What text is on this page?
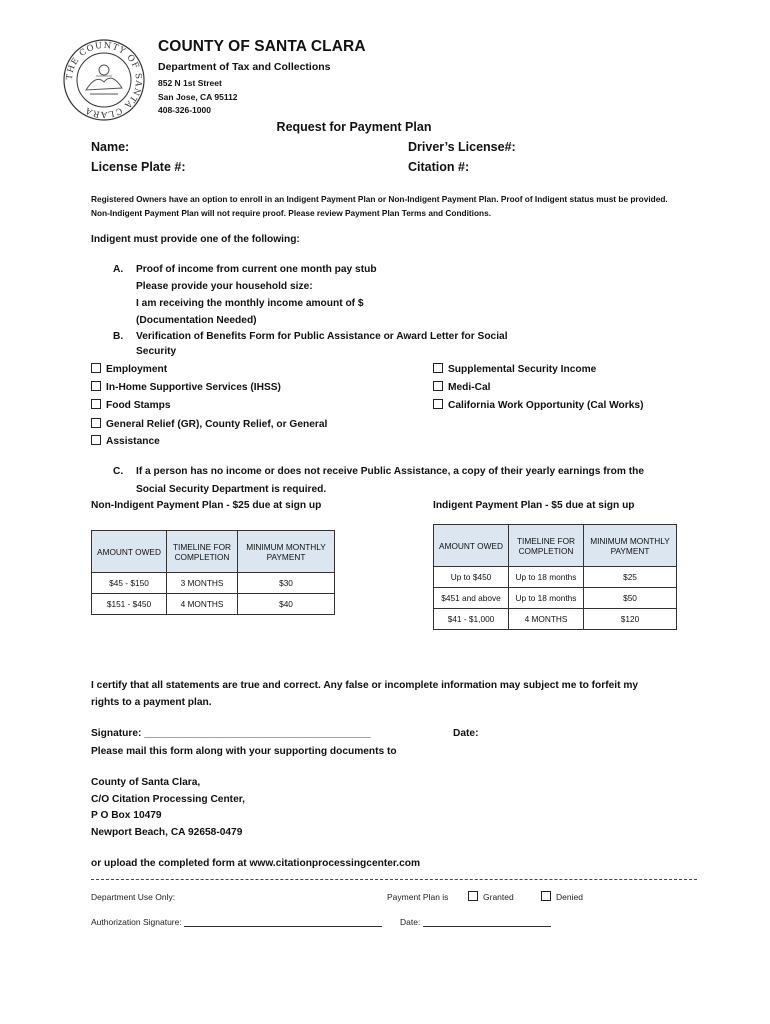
THE COUNTY OF SANTA CLARA
COUNTY OF SANTA CLARA
Department of Tax and Collections
852 N 1st Street
San Jose, CA 95112
408-326-1000
Request for Payment Plan
Name:	Driver’s License#:
License Plate #:	Citation #:
Registered Owners have an option to enroll in an Indigent Payment Plan or Non-Indigent Payment Plan. Proof of Indigent status must be provided. Non-Indigent Payment Plan will not require proof. Please review Payment Plan Terms and Conditions.
Indigent must provide one of the following:
A. Proof of income from current one month pay stub
Please provide your household size:
I am receiving the monthly income amount of $
(Documentation Needed)
B. Verification of Benefits Form for Public Assistance or Award Letter for Social
Security
Employment
In-Home Supportive Services (IHSS)
Food Stamps
General Relief (GR), County Relief, or General
Assistance
Supplemental Security Income
Medi-Cal
California Work Opportunity (Cal Works)
C. If a person has no income or does not receive Public Assistance, a copy of their yearly earnings from the
Social Security Department is required.
Non-Indigent Payment Plan - $25 due at sign up	Indigent Payment Plan - $5 due at sign up
AMOUNT OWED	TIMELINE FOR COMPLETION	MINIMUM MONTHLY PAYMENT
$45 - $150	3 MONTHS	$30
$151 - $450	4 MONTHS	$40
AMOUNT OWED	TIMELINE FOR COMPLETION	MINIMUM MONTHLY PAYMENT
Up to $450	Up to 18 months	$25
$451 and above	Up to 18 months	$50
$41 - $1,000	4 MONTHS	$120
I certify that all statements are true and correct. Any false or incomplete information may subject me to forfeit my
rights to a payment plan.
Signature: ________________________________________	Date:
Please mail this form along with your supporting documents to
County of Santa Clara,
C/O Citation Processing Center,
P O Box 10479
Newport Beach, CA 92658-0479
or upload the completed form at www.citationprocessingcenter.com
Department Use Only:	Payment Plan is	Granted	Denied
Authorization Signature:	Date:
